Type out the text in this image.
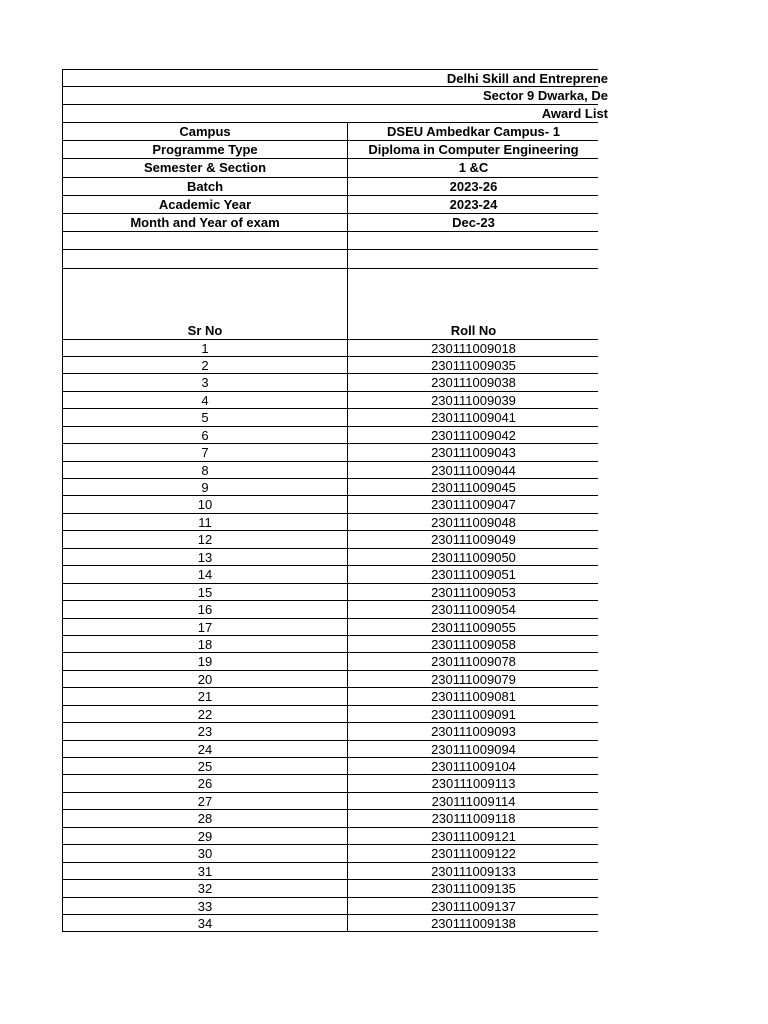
Delhi Skill and Entreprene
Sector 9 Dwarka, De
Award List
Campus	DSEU Ambedkar Campus- 1
Programme Type	Diploma in Computer Engineering
Semester & Section	1 &C
Batch	2023-26
Academic Year	2023-24
Month and Year of exam	Dec-23
Sr No	Roll No
1	230111009018
2	230111009035
3	230111009038
4	230111009039
5	230111009041
6	230111009042
7	230111009043
8	230111009044
9	230111009045
10	230111009047
11	230111009048
12	230111009049
13	230111009050
14	230111009051
15	230111009053
16	230111009054
17	230111009055
18	230111009058
19	230111009078
20	230111009079
21	230111009081
22	230111009091
23	230111009093
24	230111009094
25	230111009104
26	230111009113
27	230111009114
28	230111009118
29	230111009121
30	230111009122
31	230111009133
32	230111009135
33	230111009137
34	230111009138
